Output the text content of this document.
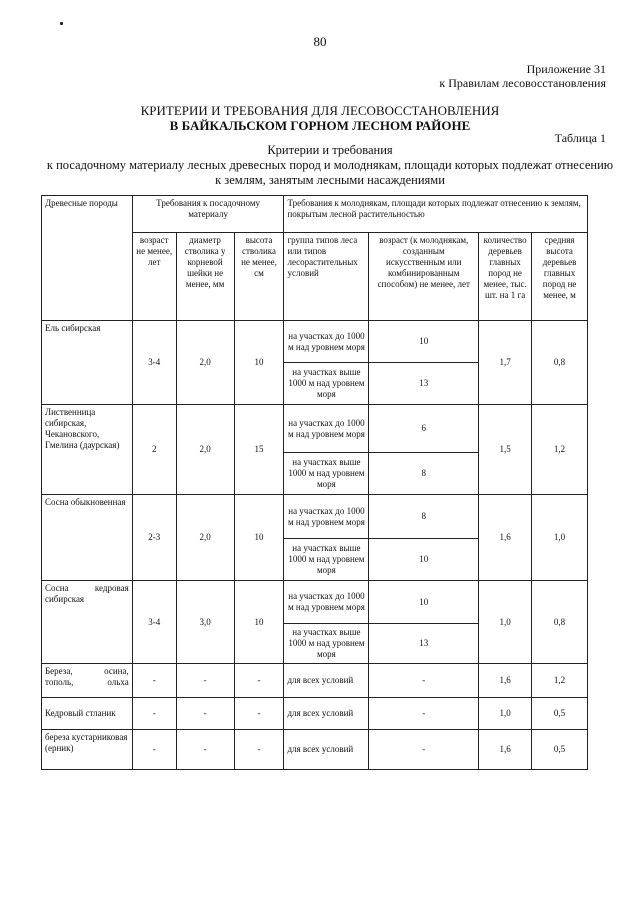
80
Приложение 31
к Правилам лесовосстановления
КРИТЕРИИ И ТРЕБОВАНИЯ ДЛЯ ЛЕСОВОССТАНОВЛЕНИЯ
В БАЙКАЛЬСКОМ ГОРНОМ ЛЕСНОМ РАЙОНЕ
Таблица 1
Критерии и требования
к посадочному материалу лесных древесных пород и молоднякам, площади которых подлежат отнесению
к землям, занятым лесными насаждениями
Древесные породы	Требования к посадочному материалу			Требования к молоднякам, площади которых подлежат отнесению к землям, покрытым лесной растительностью			
	возраст не менее, лет	диаметр стволика у корневой шейки не менее, мм	высота стволика не менее, см	группа типов леса или типов лесорастительных условий	возраст (к молоднякам, созданным искусственным или комбинированным способом) не менее, лет	количество деревьев главных пород не менее, тыс. шт. на 1 га	средняя высота деревьев главных пород не менее, м
Ель сибирская	3-4	2,0	10	на участках до 1000 м над уровнем моря	10	1,7	0,8
				на участках выше 1000 м над уровнем моря	13		
Лиственница сибирская, Чекановского, Гмелина (даурская)	2	2,0	15	на участках до 1000 м над уровнем моря	6	1,5	1,2
				на участках выше 1000 м над уровнем моря	8		
Сосна обыкновенная	2-3	2,0	10	на участках до 1000 м над уровнем моря	8	1,6	1,0
				на участках выше 1000 м над уровнем моря	10		
Сосна кедровая сибирская	3-4	3,0	10	на участках до 1000 м над уровнем моря	10	1,0	0,8
				на участках выше 1000 м над уровнем моря	13		
Береза, осина, тополь, ольха	-	-	-	для всех условий	-	1,6	1,2
Кедровый стланик	-	-	-	для всех условий	-	1,0	0,5
береза кустарниковая (ерник)	-	-	-	для всех условий	-	1,6	0,5
